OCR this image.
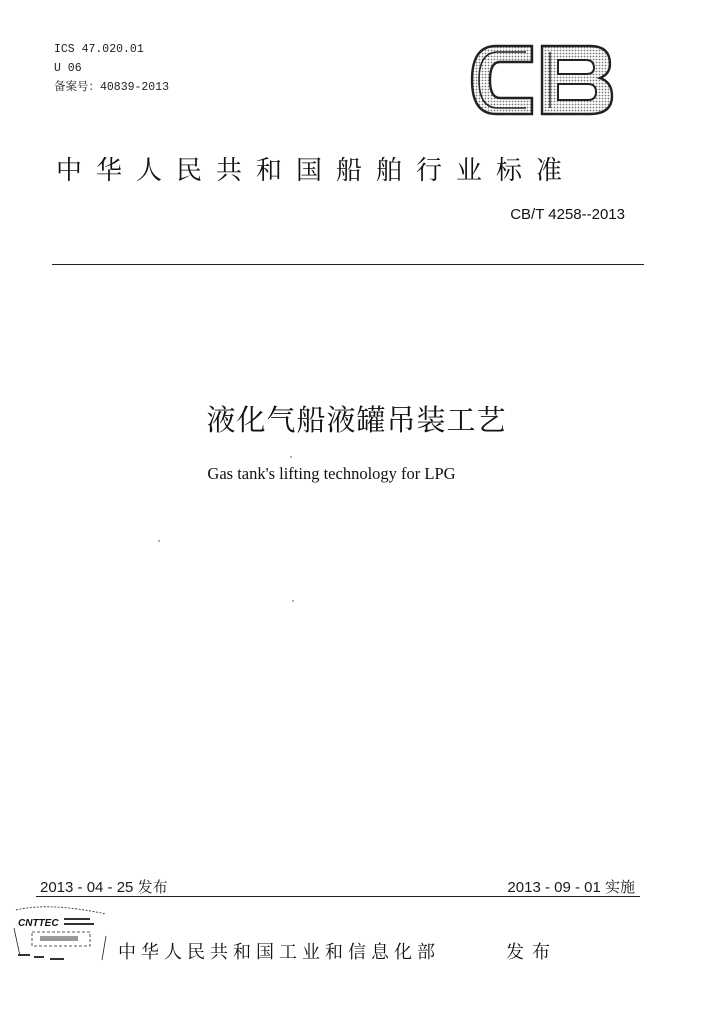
ICS 47.020.01
U 06
备案号：40839-2013
中华人民共和国船舶行业标准
CB/T 4258--2013
液化气船液罐吊装工艺
Gas tank's lifting technology for LPG
2013 - 04 - 25 发布	2013 - 09 - 01 实施
CNTTEC
中华人民共和国工业和信息化部	发布
